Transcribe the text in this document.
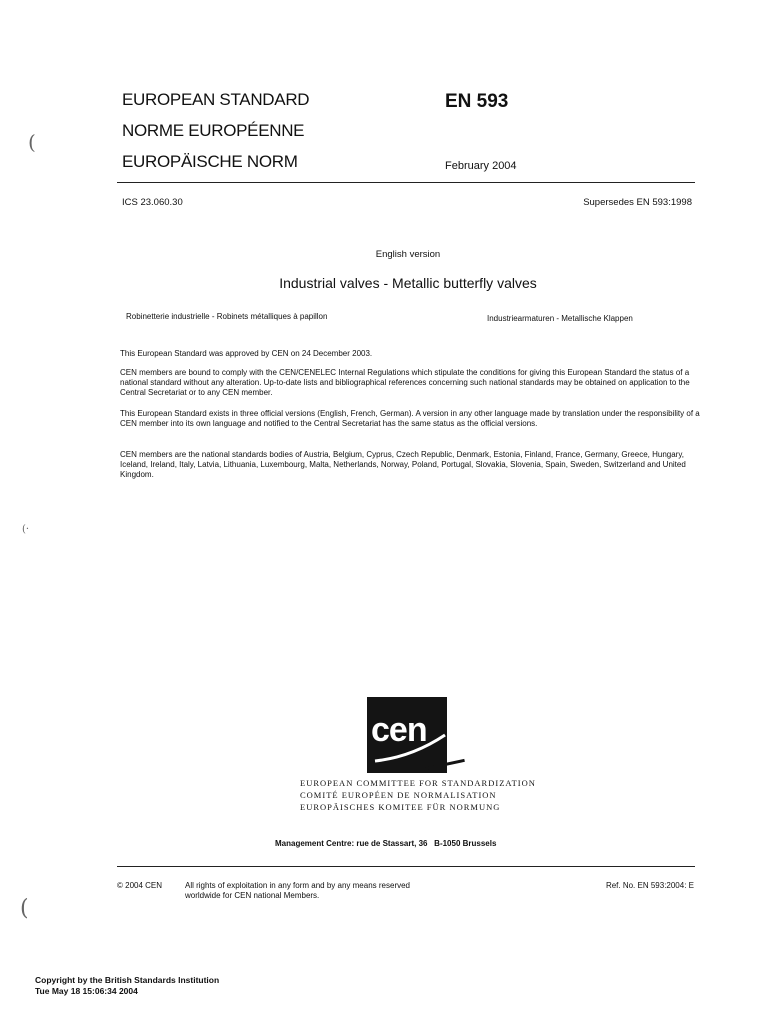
(
(·
(
EUROPEAN STANDARD
NORME EUROPÉENNE
EUROPÄISCHE NORM
EN 593
February 2004
ICS 23.060.30	Supersedes EN 593:1998
English version
Industrial valves - Metallic butterfly valves
Robinetterie industrielle - Robinets métalliques à papillon	Industriearmaturen - Metallische Klappen
This European Standard was approved by CEN on 24 December 2003.
CEN members are bound to comply with the CEN/CENELEC Internal Regulations which stipulate the conditions for giving this European Standard the status of a national standard without any alteration. Up-to-date lists and bibliographical references concerning such national standards may be obtained on application to the Central Secretariat or to any CEN member.
This European Standard exists in three official versions (English, French, German). A version in any other language made by translation under the responsibility of a CEN member into its own language and notified to the Central Secretariat has the same status as the official versions.
CEN members are the national standards bodies of Austria, Belgium, Cyprus, Czech Republic, Denmark, Estonia, Finland, France, Germany, Greece, Hungary, Iceland, Ireland, Italy, Latvia, Lithuania, Luxembourg, Malta, Netherlands, Norway, Poland, Portugal, Slovakia, Slovenia, Spain, Sweden, Switzerland and United Kingdom.
cen
EUROPEAN COMMITTEE FOR STANDARDIZATION
COMITÉ EUROPÉEN DE NORMALISATION
EUROPÄISCHES KOMITEE FÜR NORMUNG
Management Centre: rue de Stassart, 36   B-1050 Brussels
© 2004 CEN	All rights of exploitation in any form and by any means reserved
worldwide for CEN national Members.
Ref. No. EN 593:2004: E
Copyright by the British Standards Institution
Tue May 18 15:06:34 2004
